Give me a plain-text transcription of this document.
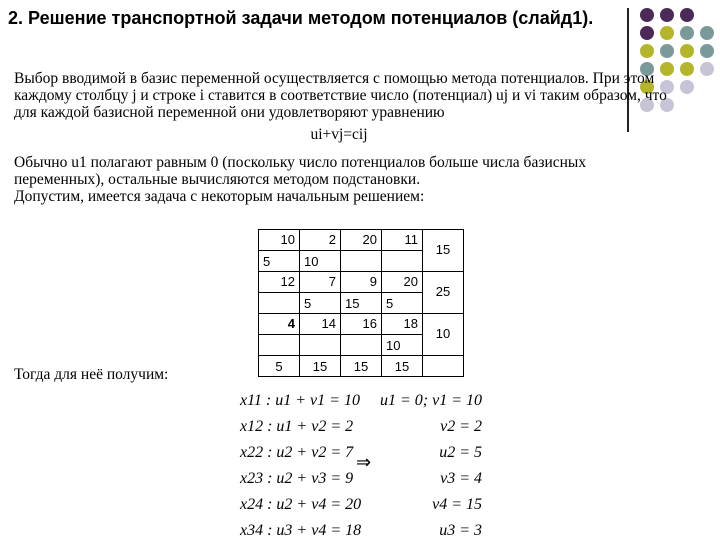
2. Решение транспортной задачи методом потенциалов (слайд1).
Выбор вводимой в базис переменной осуществляется с помощью метода потенциалов. При этом каждому столбцу j и строке i ставится в соответствие число (потенциал) uj и vi таким образом, что для каждой базисной переменной они удовлетворяют уравнению
ui+vj=cij
Обычно u1 полагают равным 0 (поскольку число потенциалов больше числа базисных переменных), остальные вычисляются методом подстановки.
Допустим, имеется задача с некоторым начальным решением:
10	2	20	11	15

5	10			

12	7	9	20	25

	5	15	5	

4	14	16	18	10

			10	

5	15	15	15	

Тогда для неё получим:
x11 : u1 + v1 = 10	u1 = 0; v1 = 10
x12 : u1 + v2 = 2	v2 = 2
x22 : u2 + v2 = 7	u2 = 5
x23 : u2 + v3 = 9	v3 = 4
x24 : u2 + v4 = 20	v4 = 15
x34 : u3 + v4 = 18	u3 = 3
⇒
